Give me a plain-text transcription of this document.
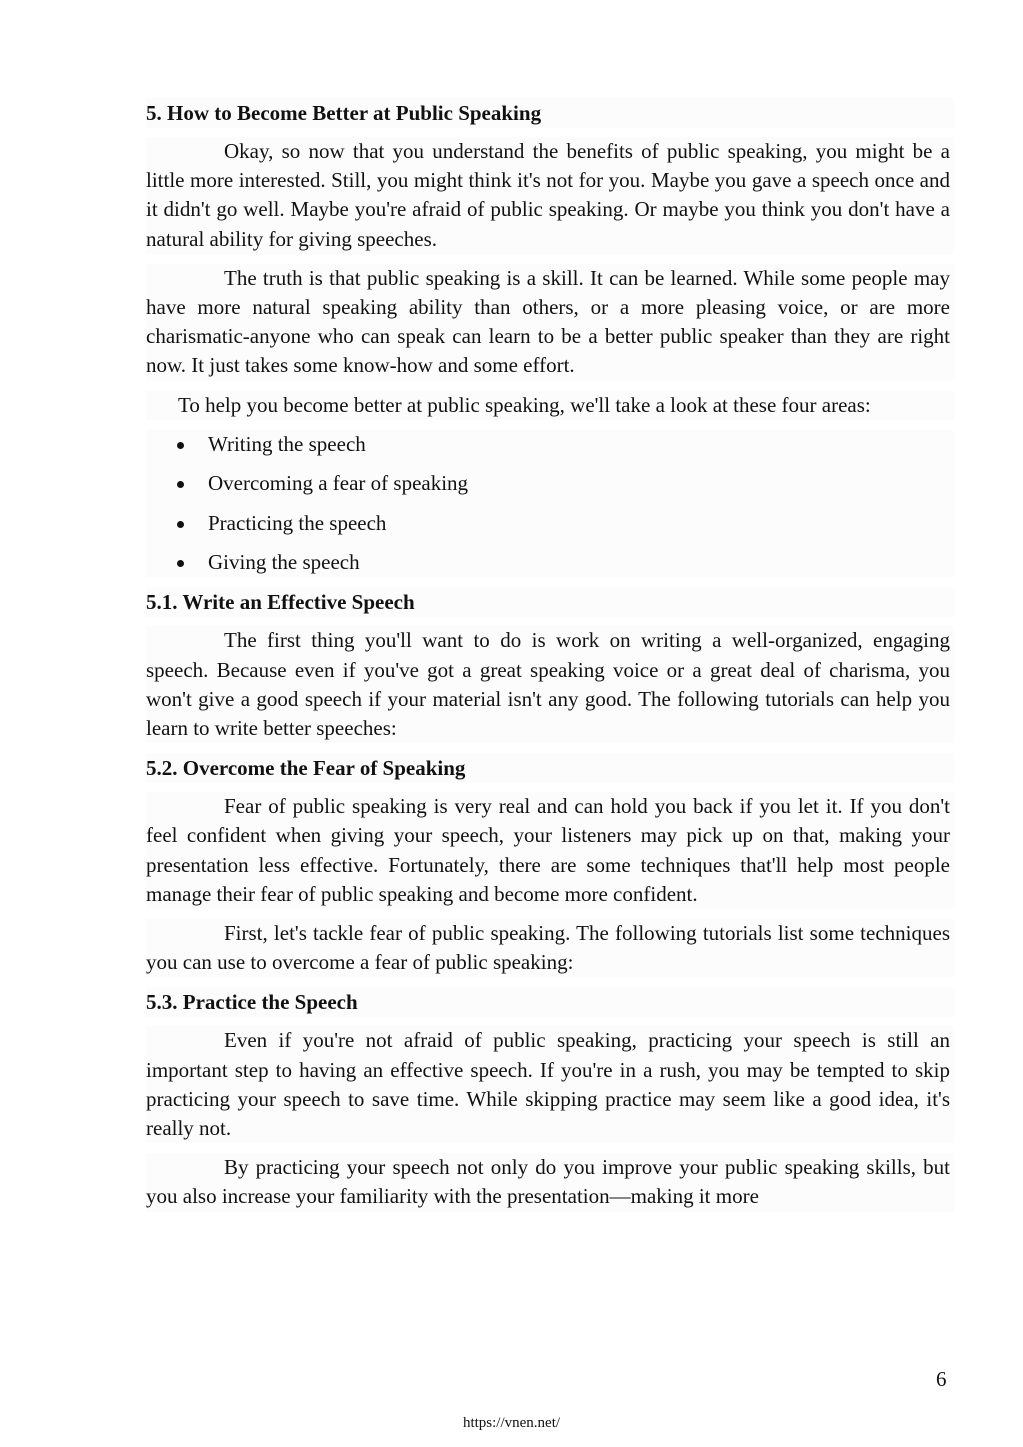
5. How to Become Better at Public Speaking

Okay, so now that you understand the benefits of public speaking, you might be a little more interested. Still, you might think it's not for you. Maybe you gave a speech once and it didn't go well. Maybe you're afraid of public speaking. Or maybe you think you don't have a natural ability for giving speeches.

The truth is that public speaking is a skill. It can be learned. While some people may have more natural speaking ability than others, or a more pleasing voice, or are more charismatic-anyone who can speak can learn to be a better public speaker than they are right now. It just takes some know-how and some effort.

To help you become better at public speaking, we'll take a look at these four areas:

Writing the speech
Overcoming a fear of speaking
Practicing the speech
Giving the speech
5.1. Write an Effective Speech

The first thing you'll want to do is work on writing a well-organized, engaging speech. Because even if you've got a great speaking voice or a great deal of charisma, you won't give a good speech if your material isn't any good. The following tutorials can help you learn to write better speeches:

5.2. Overcome the Fear of Speaking

Fear of public speaking is very real and can hold you back if you let it. If you don't feel confident when giving your speech, your listeners may pick up on that, making your presentation less effective. Fortunately, there are some techniques that'll help most people manage their fear of public speaking and become more confident.

First, let's tackle fear of public speaking. The following tutorials list some techniques you can use to overcome a fear of public speaking:

5.3. Practice the Speech

Even if you're not afraid of public speaking, practicing your speech is still an important step to having an effective speech. If you're in a rush, you may be tempted to skip practicing your speech to save time. While skipping practice may seem like a good idea, it's really not.

By practicing your speech not only do you improve your public speaking skills, but you also increase your familiarity with the presentation—making it more

6
https://vnen.net/
